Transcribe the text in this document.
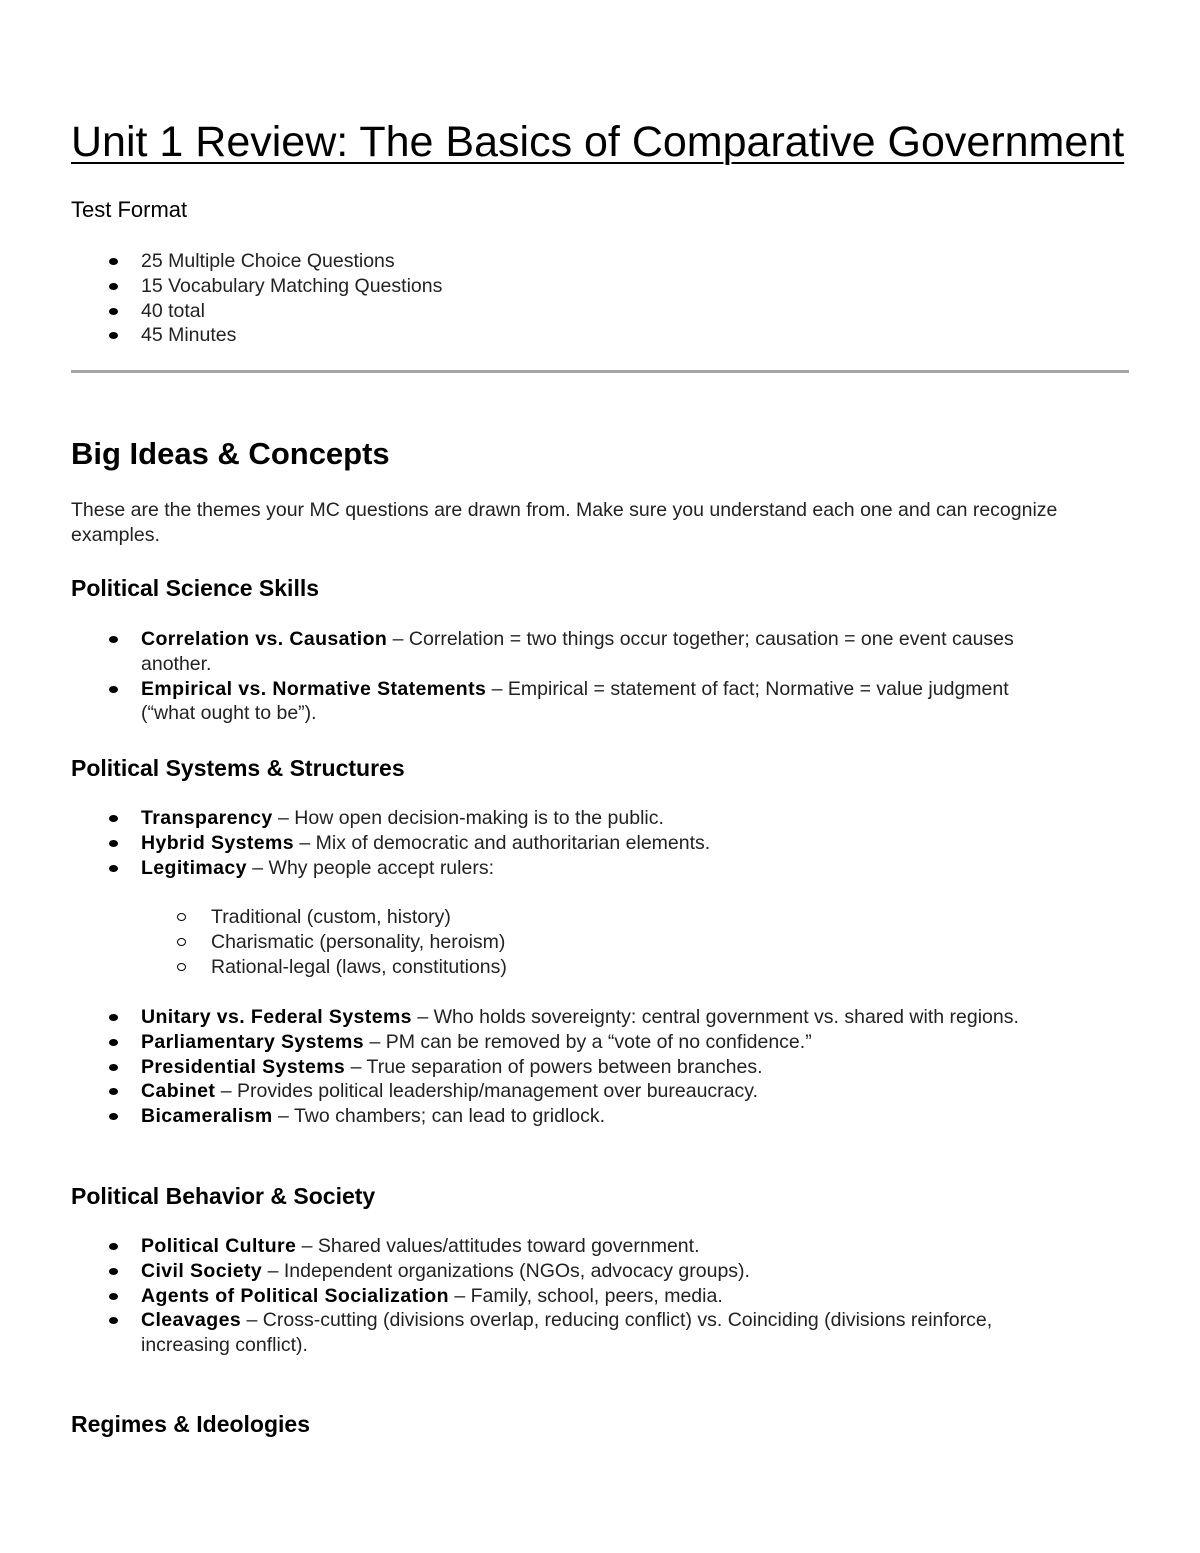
Unit 1 Review: The Basics of Comparative Government
Test Format
25 Multiple Choice Questions
15 Vocabulary Matching Questions
40 total
45 Minutes
Big Ideas & Concepts

These are the themes your MC questions are drawn from. Make sure you understand each one and can recognize examples.

Political Science Skills
Correlation vs. Causation – Correlation = two things occur together; causation = one event causes another.
Empirical vs. Normative Statements – Empirical = statement of fact; Normative = value judgment (“what ought to be”).
Political Systems & Structures
Transparency – How open decision-making is to the public.
Hybrid Systems – Mix of democratic and authoritarian elements.
Legitimacy – Why people accept rulers:
Traditional (custom, history)
Charismatic (personality, heroism)
Rational-legal (laws, constitutions)
Unitary vs. Federal Systems – Who holds sovereignty: central government vs. shared with regions.
Parliamentary Systems – PM can be removed by a “vote of no confidence.”
Presidential Systems – True separation of powers between branches.
Cabinet – Provides political leadership/management over bureaucracy.
Bicameralism – Two chambers; can lead to gridlock.
Political Behavior & Society
Political Culture – Shared values/attitudes toward government.
Civil Society – Independent organizations (NGOs, advocacy groups).
Agents of Political Socialization – Family, school, peers, media.
Cleavages – Cross-cutting (divisions overlap, reducing conflict) vs. Coinciding (divisions reinforce, increasing conflict).
Regimes & Ideologies
